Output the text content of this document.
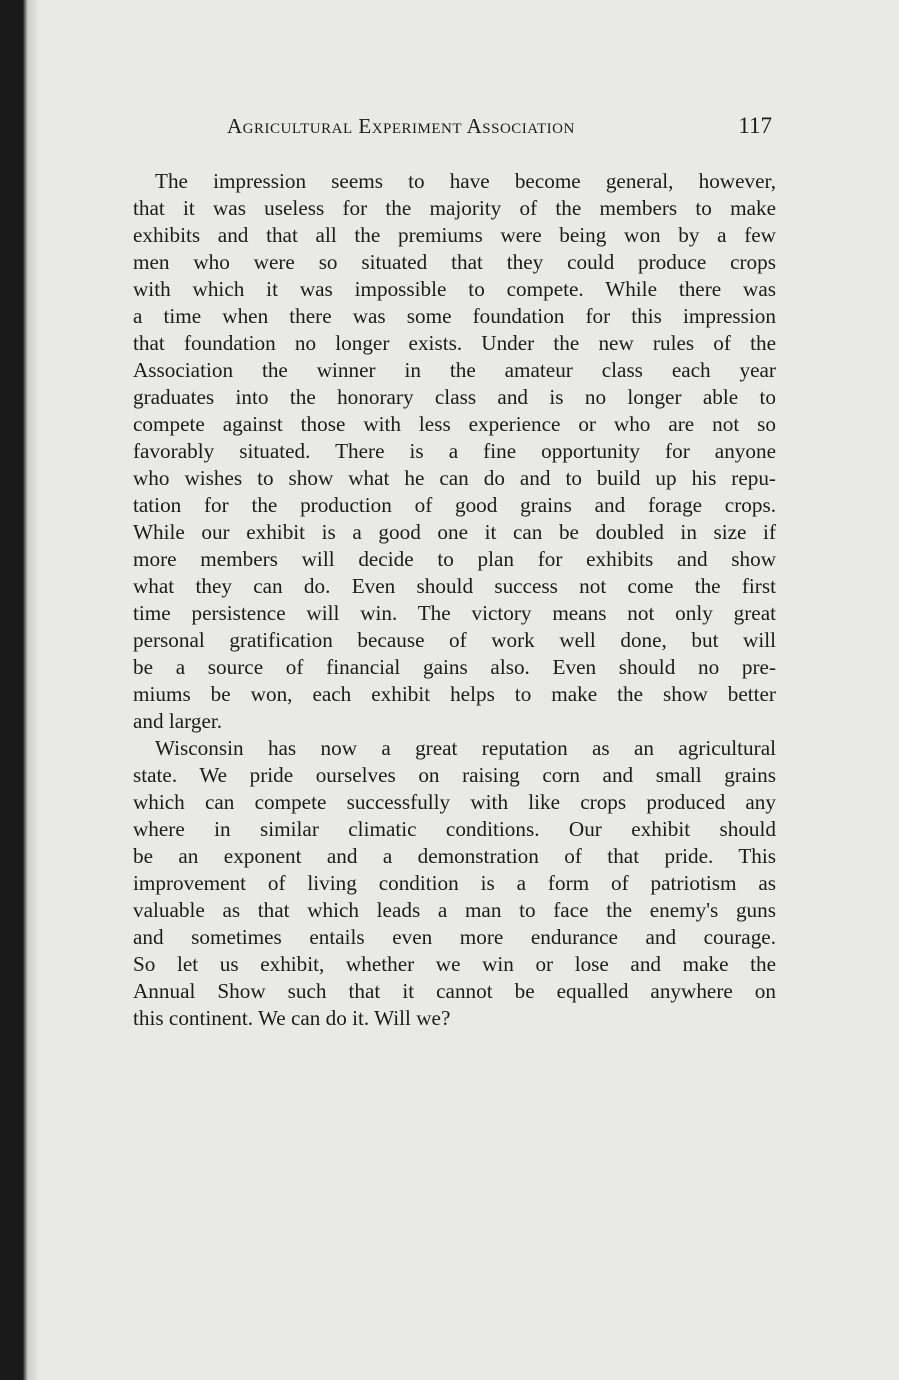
Agricultural Experiment Association	117
The impression seems to have become general, however,
that it was useless for the majority of the members to make
exhibits and that all the premiums were being won by a few
men who were so situated that they could produce crops
with which it was impossible to compete. While there was
a time when there was some foundation for this impression
that foundation no longer exists. Under the new rules of the
Association the winner in the amateur class each year
graduates into the honorary class and is no longer able to
compete against those with less experience or who are not so
favorably situated. There is a fine opportunity for anyone
who wishes to show what he can do and to build up his repu-
tation for the production of good grains and forage crops.
While our exhibit is a good one it can be doubled in size if
more members will decide to plan for exhibits and show
what they can do. Even should success not come the first
time persistence will win. The victory means not only great
personal gratification because of work well done, but will
be a source of financial gains also. Even should no pre-
miums be won, each exhibit helps to make the show better
and larger.
Wisconsin has now a great reputation as an agricultural
state. We pride ourselves on raising corn and small grains
which can compete successfully with like crops produced any
where in similar climatic conditions. Our exhibit should
be an exponent and a demonstration of that pride. This
improvement of living condition is a form of patriotism as
valuable as that which leads a man to face the enemy's guns
and sometimes entails even more endurance and courage.
So let us exhibit, whether we win or lose and make the
Annual Show such that it cannot be equalled anywhere on
this continent. We can do it. Will we?
